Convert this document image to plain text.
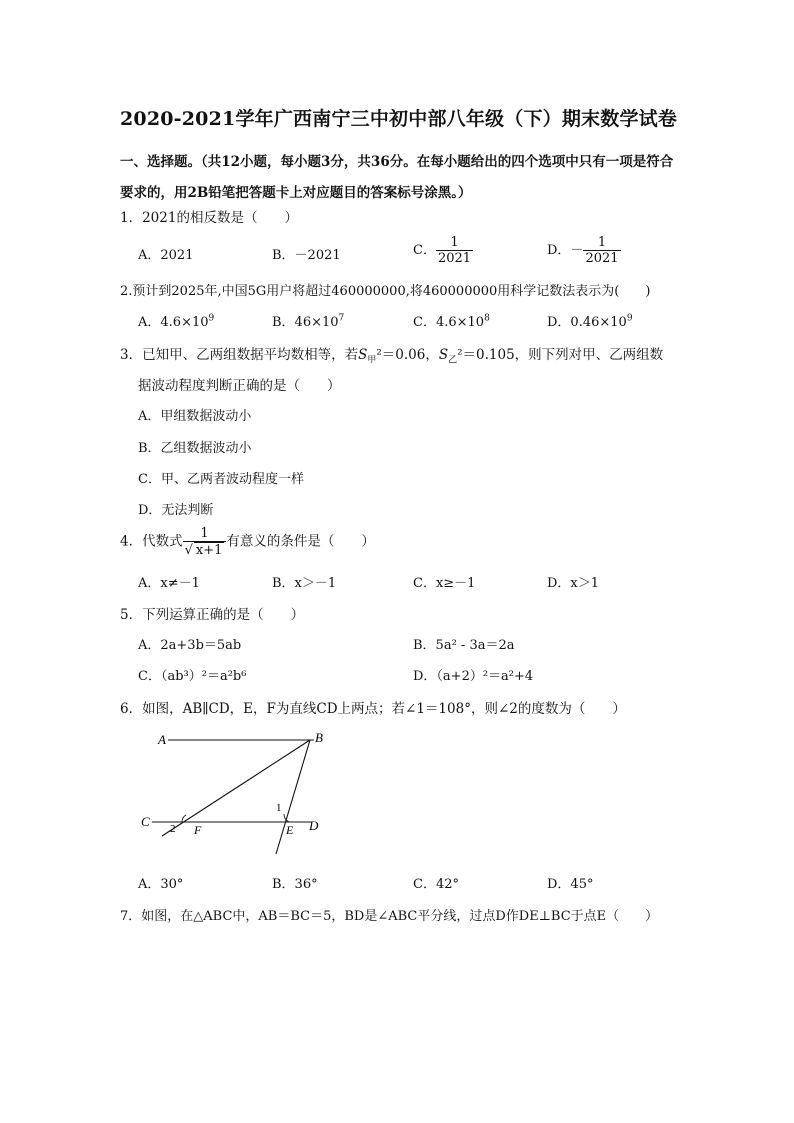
2020-2021学年广西南宁三中初中部八年级（下）期末数学试卷
一、选择题。（共12小题，每小题3分，共36分。在每小题给出的四个选项中只有一项是符合要求的，用2B铅笔把答题卡上对应题目的答案标号涂黑。）
1．2021的相反数是（　　）
A．2021	B．－2021	C． $\frac{1}{2021}$	D．－ $\frac{1}{2021}$
2.预计到2025年,中国5G用户将超过460000000,将460000000用科学记数法表示为(　　)
A．$4.6\times 10^9$	B．$46\times 10^7$	C．$4.6\times 10^8$	D．$0.46\times 10^9$
3．已知甲、乙两组数据平均数相等，若$S_甲^2=0.06$，$S_乙^2=0.105$，则下列对甲、乙两组数
据波动程度判断正确的是（　　）
A．甲组数据波动小
B．乙组数据波动小
C．甲、乙两者波动程度一样
D．无法判断
4．代数式 $\frac{1}{√ x+1}$ 有意义的条件是（　　）
A．x≠－1	B．x＞－1	C．x≥－1	D．x＞1
5．下列运算正确的是（　　）
A．2a+3b＝5ab	B．5a² - 3a＝2a
C．（ab³）²＝a²b⁶	D．（a+2）²＝a²+4
6．如图，AB∥CD，E，F为直线CD上两点；若∠1＝108°，则∠2的度数为（　　）
A	B
C	D
E
F
1
2
A．30°	B．36°	C．42°	D．45°
7．如图，在△ABC中，AB＝BC＝5，BD是∠ABC平分线，过点D作DE⊥BC于点E（　　）
